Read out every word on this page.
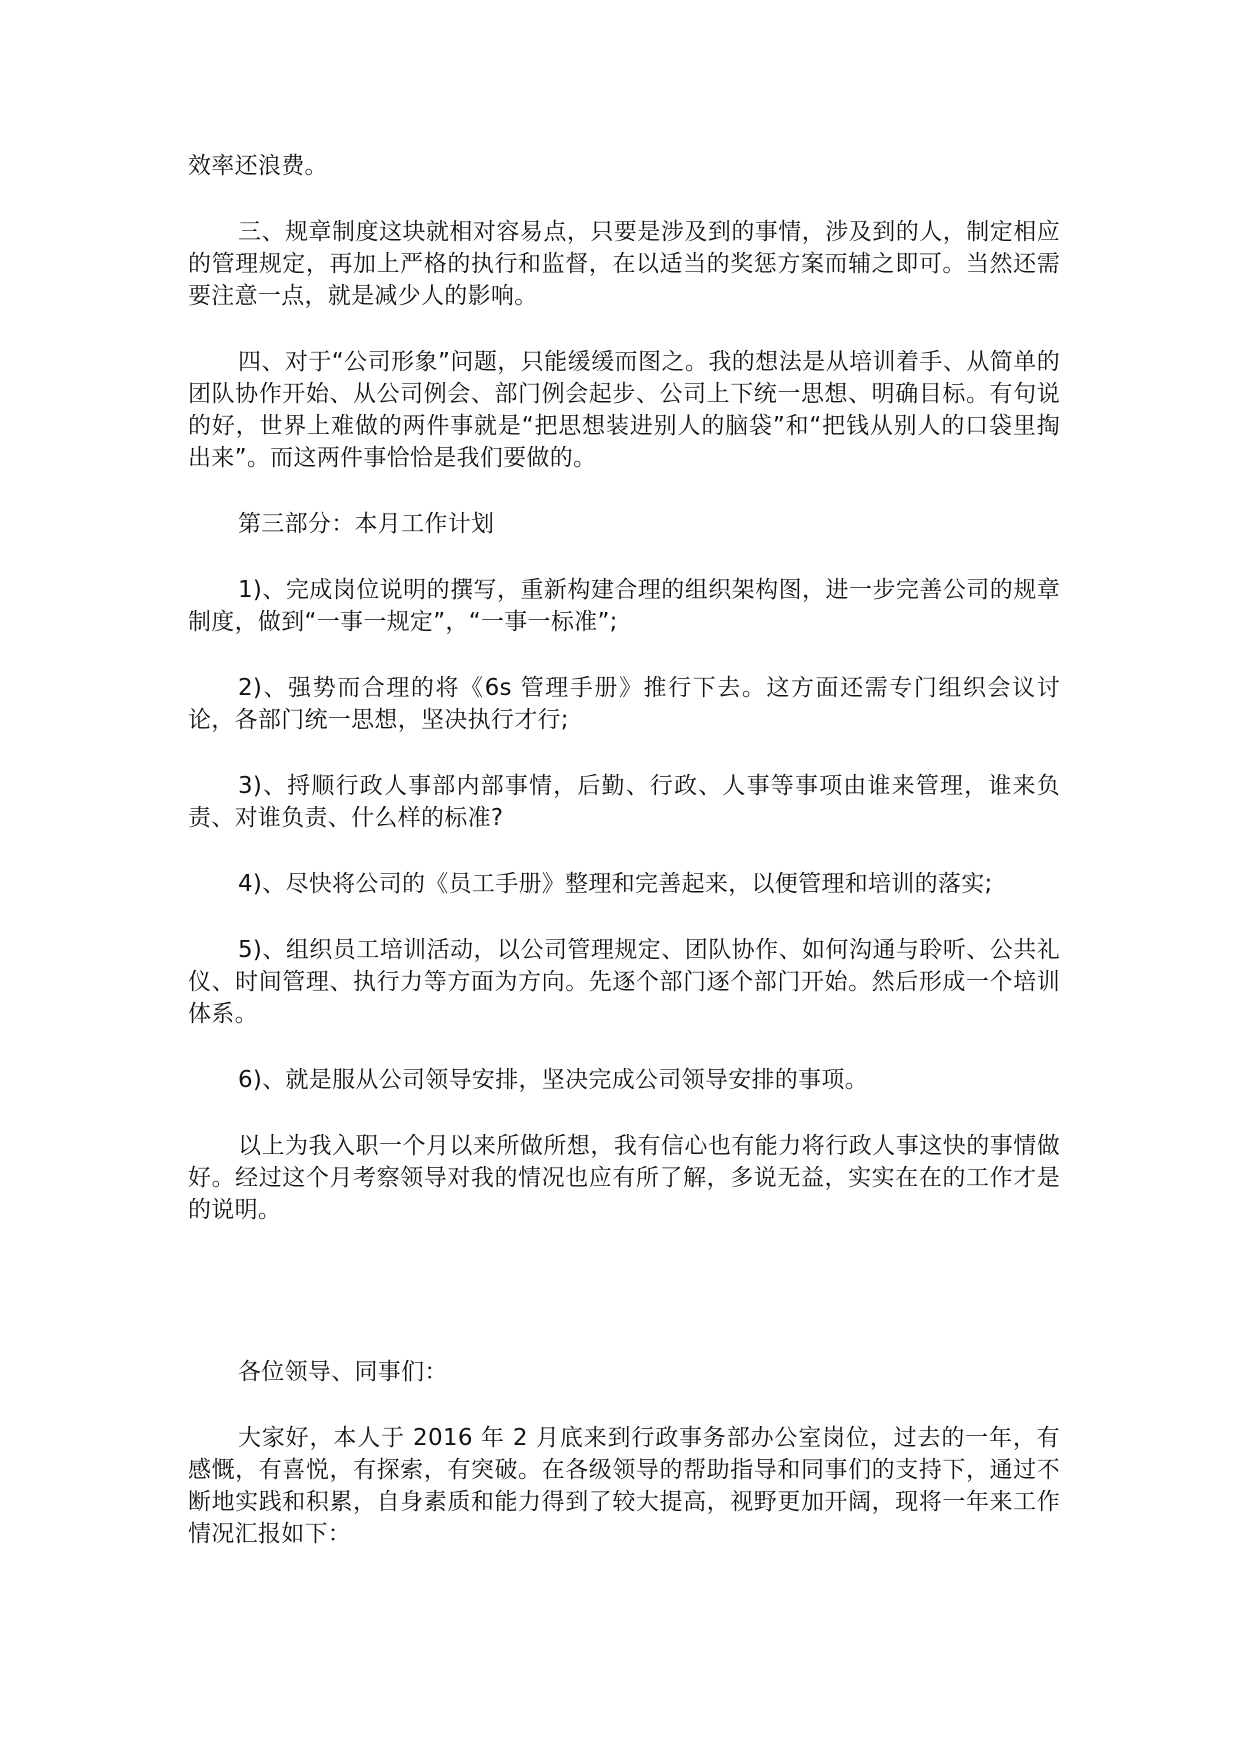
效率还浪费。

三、规章制度这块就相对容易点，只要是涉及到的事情，涉及到的人，制定相应的管理规定，再加上严格的执行和监督，在以适当的奖惩方案而辅之即可。当然还需要注意一点，就是减少人的影响。

四、对于“公司形象”问题，只能缓缓而图之。我的想法是从培训着手、从简单的团队协作开始、从公司例会、部门例会起步、公司上下统一思想、明确目标。有句说的好，世界上难做的两件事就是“把思想装进别人的脑袋”和“把钱从别人的口袋里掏出来”。而这两件事恰恰是我们要做的。

第三部分：本月工作计划

1)、完成岗位说明的撰写，重新构建合理的组织架构图，进一步完善公司的规章制度，做到“一事一规定”，“一事一标准”;

2)、强势而合理的将《6s 管理手册》推行下去。这方面还需专门组织会议讨论，各部门统一思想，坚决执行才行;

3)、捋顺行政人事部内部事情，后勤、行政、人事等事项由谁来管理，谁来负责、对谁负责、什么样的标准?

4)、尽快将公司的《员工手册》整理和完善起来，以便管理和培训的落实;

5)、组织员工培训活动，以公司管理规定、团队协作、如何沟通与聆听、公共礼仪、时间管理、执行力等方面为方向。先逐个部门逐个部门开始。然后形成一个培训体系。

6)、就是服从公司领导安排，坚决完成公司领导安排的事项。

以上为我入职一个月以来所做所想，我有信心也有能力将行政人事这快的事情做好。经过这个月考察领导对我的情况也应有所了解，多说无益，实实在在的工作才是的说明。

各位领导、同事们：

大家好，本人于 2016 年 2 月底来到行政事务部办公室岗位，过去的一年，有感慨，有喜悦，有探索，有突破。在各级领导的帮助指导和同事们的支持下，通过不断地实践和积累，自身素质和能力得到了较大提高，视野更加开阔，现将一年来工作情况汇报如下：
